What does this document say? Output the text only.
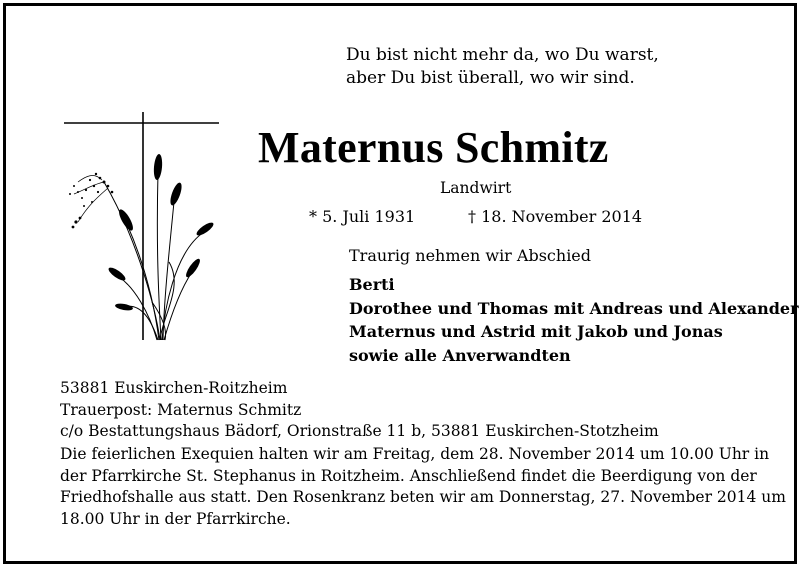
Du bist nicht mehr da, wo Du warst,
aber Du bist überall, wo wir sind.
Maternus Schmitz
Landwirt
* 5. Juli 1931	† 18. November 2014
Traurig nehmen wir Abschied
Berti
Dorothee und Thomas mit Andreas und Alexander
Maternus und Astrid mit Jakob und Jonas
sowie alle Anverwandten
53881 Euskirchen-Roitzheim
Trauerpost: Maternus Schmitz
c/o Bestattungshaus Bädorf, Orionstraße 11 b, 53881 Euskirchen-Stotzheim
Die feierlichen Exequien halten wir am Freitag, dem 28. November 2014 um 10.00 Uhr in
der Pfarrkirche St. Stephanus in Roitzheim. Anschließend findet die Beerdigung von der
Friedhofshalle aus statt. Den Rosenkranz beten wir am Donnerstag, 27. November 2014 um
18.00 Uhr in der Pfarrkirche.
